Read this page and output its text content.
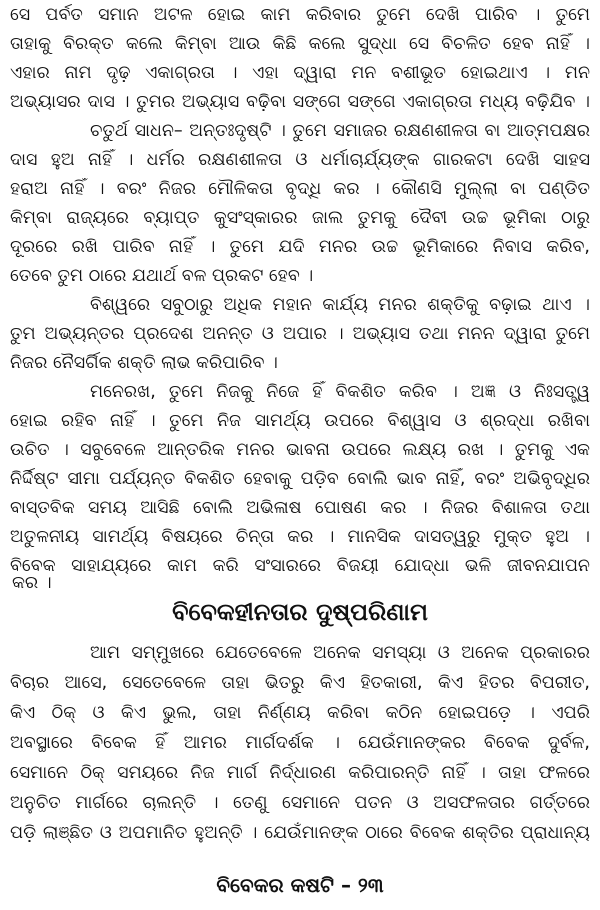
ସେ ପର୍ବତ ସମାନ ଅଟଳ ହୋଇ କାମ କରିବାର ତୁମେ ଦେଖି ପାରିବ । ତୁମେ
ତାହାକୁ ବିରକ୍ତ କଲେ କିମ୍ବା ଆଉ କିଛି କଲେ ସୁଦ୍ଧା ସେ ବିଚଳିତ ହେବ ନାହିଁ ।
ଏହାର ନାମ ଦୃଢ଼ ଏକାଗ୍ରତା । ଏହା ଦ୍ୱାରା ମନ ବଶୀଭୂତ ହୋଇଥାଏ । ମନ
ଅଭ୍ୟାସର ଦାସ । ତୁମର ଅଭ୍ୟାସ ବଢ଼ିବା ସଙ୍ଗେ ସଙ୍ଗେ ଏକାଗ୍ରତା ମଧ୍ୟ ବଢ଼ିଯିବ ।
ଚତୁର୍ଥ ସାଧନ– ଅନ୍ତଃଦୃଷ୍ଟି । ତୁମେ ସମାଜର ରକ୍ଷଣଶୀଳତା ବା ଆତ୍ମପକ୍ଷର
ଦାସ ହୁଅ ନାହିଁ । ଧର୍ମର ରକ୍ଷଣଶୀଳତା ଓ ଧର୍ମାଚାର୍ଯ୍ୟଙ୍କ ଗାରକଟା ଦେଖି ସାହସ
ହରାଅ ନାହିଁ । ବରଂ ନିଜର ମୌଳିକତା ବୃଦ୍ଧି କର । କୌଣସି ମୁଲ୍ଲା ବା ପଣ୍ଡିତ
କିମ୍ବା ରାଜ୍ୟରେ ବ୍ୟାପ୍ତ କୁସଂସ୍କାରର ଜାଲ ତୁମକୁ ଦୈବୀ ଉଚ୍ଚ ଭୂମିକା ଠାରୁ
ଦୂରରେ ରଖି ପାରିବ ନାହିଁ । ତୁମେ ଯଦି ମନର ଉଚ୍ଚ ଭୂମିକାରେ ନିବାସ କରିବ,
ତେବେ ତୁମ ଠାରେ ଯଥାର୍ଥ ବଳ ପ୍ରକଟ ହେବ ।
ବିଶ୍ୱରେ ସବୁଠାରୁ ଅଧିକ ମହାନ କାର୍ଯ୍ୟ ମନର ଶକ୍ତିକୁ ବଢ଼ାଇ ଥାଏ ।
ତୁମ ଅଭ୍ୟନ୍ତର ପ୍ରଦେଶ ଅନନ୍ତ ଓ ଅପାର । ଅଭ୍ୟାସ ତଥା ମନନ ଦ୍ୱାରା ତୁମେ
ନିଜର ନୈସର୍ଗିକ ଶକ୍ତି ଲାଭ କରିପାରିବ ।
ମନେରଖ, ତୁମେ ନିଜକୁ ନିଜେ ହିଁ ବିକଶିତ କରିବ । ଅଜ୍ଞ ଓ ନିଃସତ୍ତ୍ୱ
ହୋଇ ରହିବ ନାହିଁ । ତୁମେ ନିଜ ସାମର୍ଥ୍ୟ ଉପରେ ବିଶ୍ୱାସ ଓ ଶ୍ରଦ୍ଧା ରଖିବା
ଉଚିତ । ସବୁବେଳେ ଆନ୍ତରିକ ମନର ଭାବନା ଉପରେ ଲକ୍ଷ୍ୟ ରଖ । ତୁମକୁ ଏକ
ନିର୍ଦ୍ଦିଷ୍ଟ ସୀମା ପର୍ଯ୍ୟନ୍ତ ବିକଶିତ ହେବାକୁ ପଡ଼ିବ ବୋଲି ଭାବ ନାହିଁ, ବରଂ ଅଭିବୃଦ୍ଧିର
ବାସ୍ତବିକ ସମୟ ଆସିଛି ବୋଲି ଅଭିଳାଷ ପୋଷଣ କର । ନିଜର ବିଶାଳତା ତଥା
ଅତୁଳନୀୟ ସାମର୍ଥ୍ୟ ବିଷୟରେ ଚିନ୍ତା କର । ମାନସିକ ଦାସତ୍ୱରୁ ମୁକ୍ତ ହୁଅ ।
ବିବେକ ସାହାଯ୍ୟରେ କାମ କରି ସଂସାରରେ ବିଜୟୀ ଯୋଦ୍ଧା ଭଳି ଜୀବନଯାପନ
କର ।
ବିବେକହୀନତାର ଦୁଷ୍ପରିଣାମ
ଆମ ସମ୍ମୁଖରେ ଯେତେବେଳେ ଅନେକ ସମସ୍ୟା ଓ ଅନେକ ପ୍ରକାରର
ବିଚାର ଆସେ, ସେତେବେଳେ ତାହା ଭିତରୁ କିଏ ହିତକାରୀ, କିଏ ହିତର ବିପରୀତ,
କିଏ ଠିକ୍ ଓ କିଏ ଭୁଲ, ତାହା ନିର୍ଣ୍ଣୟ କରିବା କଠିନ ହୋଇପଡ଼େ । ଏପରି
ଅବସ୍ଥାରେ ବିବେକ ହିଁ ଆମର ମାର୍ଗଦର୍ଶକ । ଯେଉଁମାନଙ୍କର ବିବେକ ଦୁର୍ବଳ,
ସେମାନେ ଠିକ୍ ସମୟରେ ନିଜ ମାର୍ଗ ନିର୍ଦ୍ଧାରଣ କରିପାରନ୍ତି ନାହିଁ । ତାହା ଫଳରେ
ଅନୁଚିତ ମାର୍ଗରେ ଚାଲନ୍ତି । ତେଣୁ ସେମାନେ ପତନ ଓ ଅସଫଳତାର ଗର୍ତ୍ତରେ
ପଡ଼ି ଲାଞ୍ଛିତ ଓ ଅପମାନିତ ହୁଅନ୍ତି । ଯେଉଁମାନଙ୍କ ଠାରେ ବିବେକ ଶକ୍ତିର ପ୍ରାଧାନ୍ୟ
ବିବେକର କଷଟି – ୨୩
